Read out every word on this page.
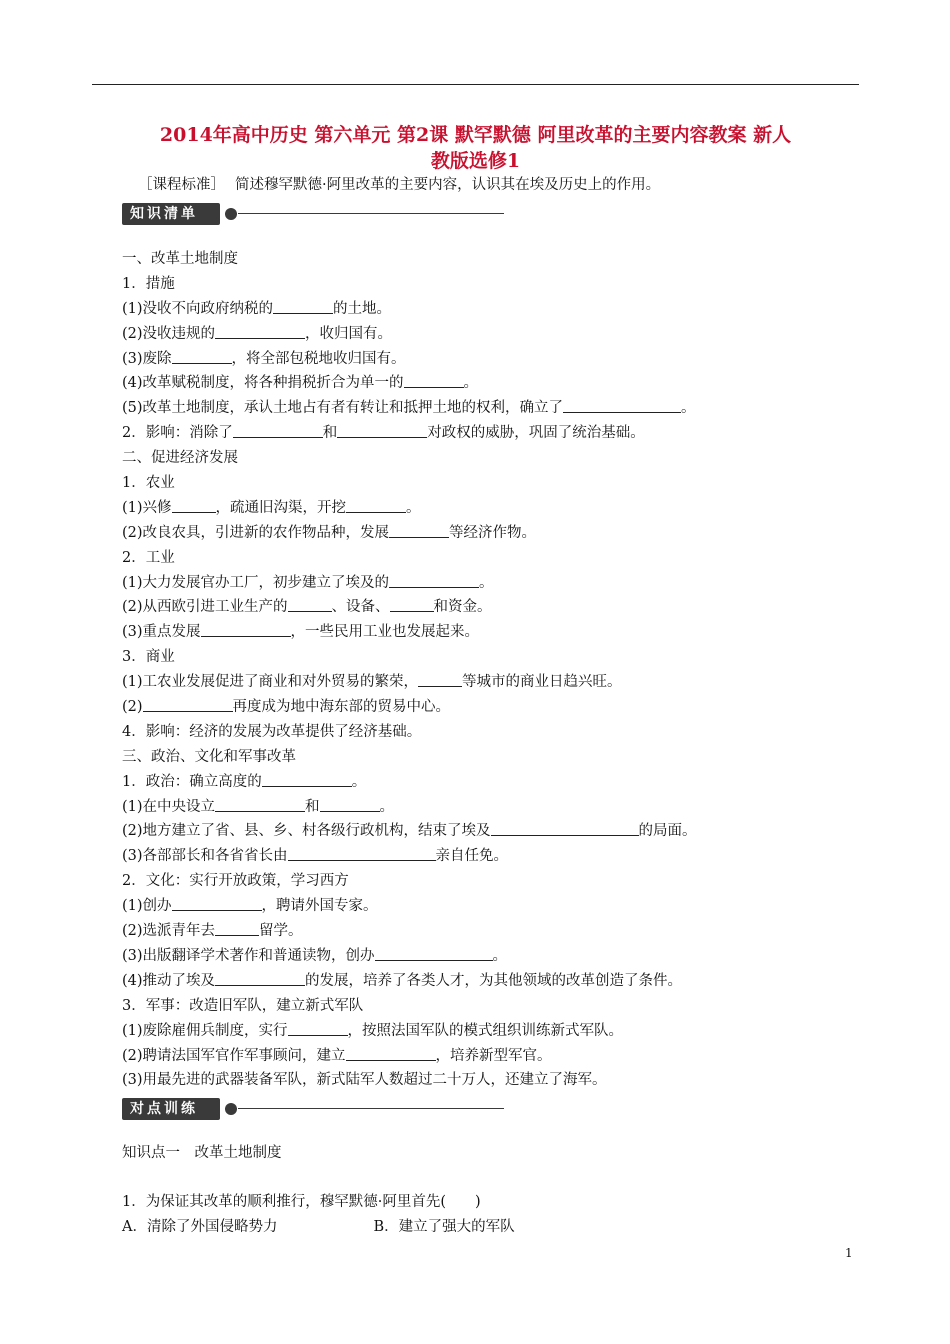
2014年高中历史 第六单元 第2课 默罕默德 阿里改革的主要内容教案 新人
教版选修1
［课程标准］ 简述穆罕默德·阿里改革的主要内容，认识其在埃及历史上的作用。
知识清单
一、改革土地制度
1．措施
(1)没收不向政府纳税的	的土地。
(2)没收违规的	，收归国有。
(3)废除	，将全部包税地收归国有。
(4)改革赋税制度，将各种捐税折合为单一的	。
(5)改革土地制度，承认土地占有者有转让和抵押土地的权利，确立了	。
2．影响：消除了	和	对政权的威胁，巩固了统治基础。
二、促进经济发展
1．农业
(1)兴修	，疏通旧沟渠，开挖	。
(2)改良农具，引进新的农作物品种，发展	等经济作物。
2．工业
(1)大力发展官办工厂，初步建立了埃及的	。
(2)从西欧引进工业生产的	、设备、	和资金。
(3)重点发展	，一些民用工业也发展起来。
3．商业
(1)工农业发展促进了商业和对外贸易的繁荣，	等城市的商业日趋兴旺。
(2)	再度成为地中海东部的贸易中心。
4．影响：经济的发展为改革提供了经济基础。
三、政治、文化和军事改革
1．政治：确立高度的	。
(1)在中央设立	和	。
(2)地方建立了省、县、乡、村各级行政机构，结束了埃及	的局面。
(3)各部部长和各省省长由	亲自任免。
2．文化：实行开放政策，学习西方
(1)创办	，聘请外国专家。
(2)选派青年去	留学。
(3)出版翻译学术著作和普通读物，创办	。
(4)推动了埃及	的发展，培养了各类人才，为其他领域的改革创造了条件。
3．军事：改造旧军队，建立新式军队
(1)废除雇佣兵制度，实行	，按照法国军队的模式组织训练新式军队。
(2)聘请法国军官作军事顾问，建立	，培养新型军官。
(3)用最先进的武器装备军队，新式陆军人数超过二十万人，还建立了海军。
对点训练
知识点一　改革土地制度
1．为保证其改革的顺利推行，穆罕默德·阿里首先(　　)
A．清除了外国侵略势力	B．建立了强大的军队
1
